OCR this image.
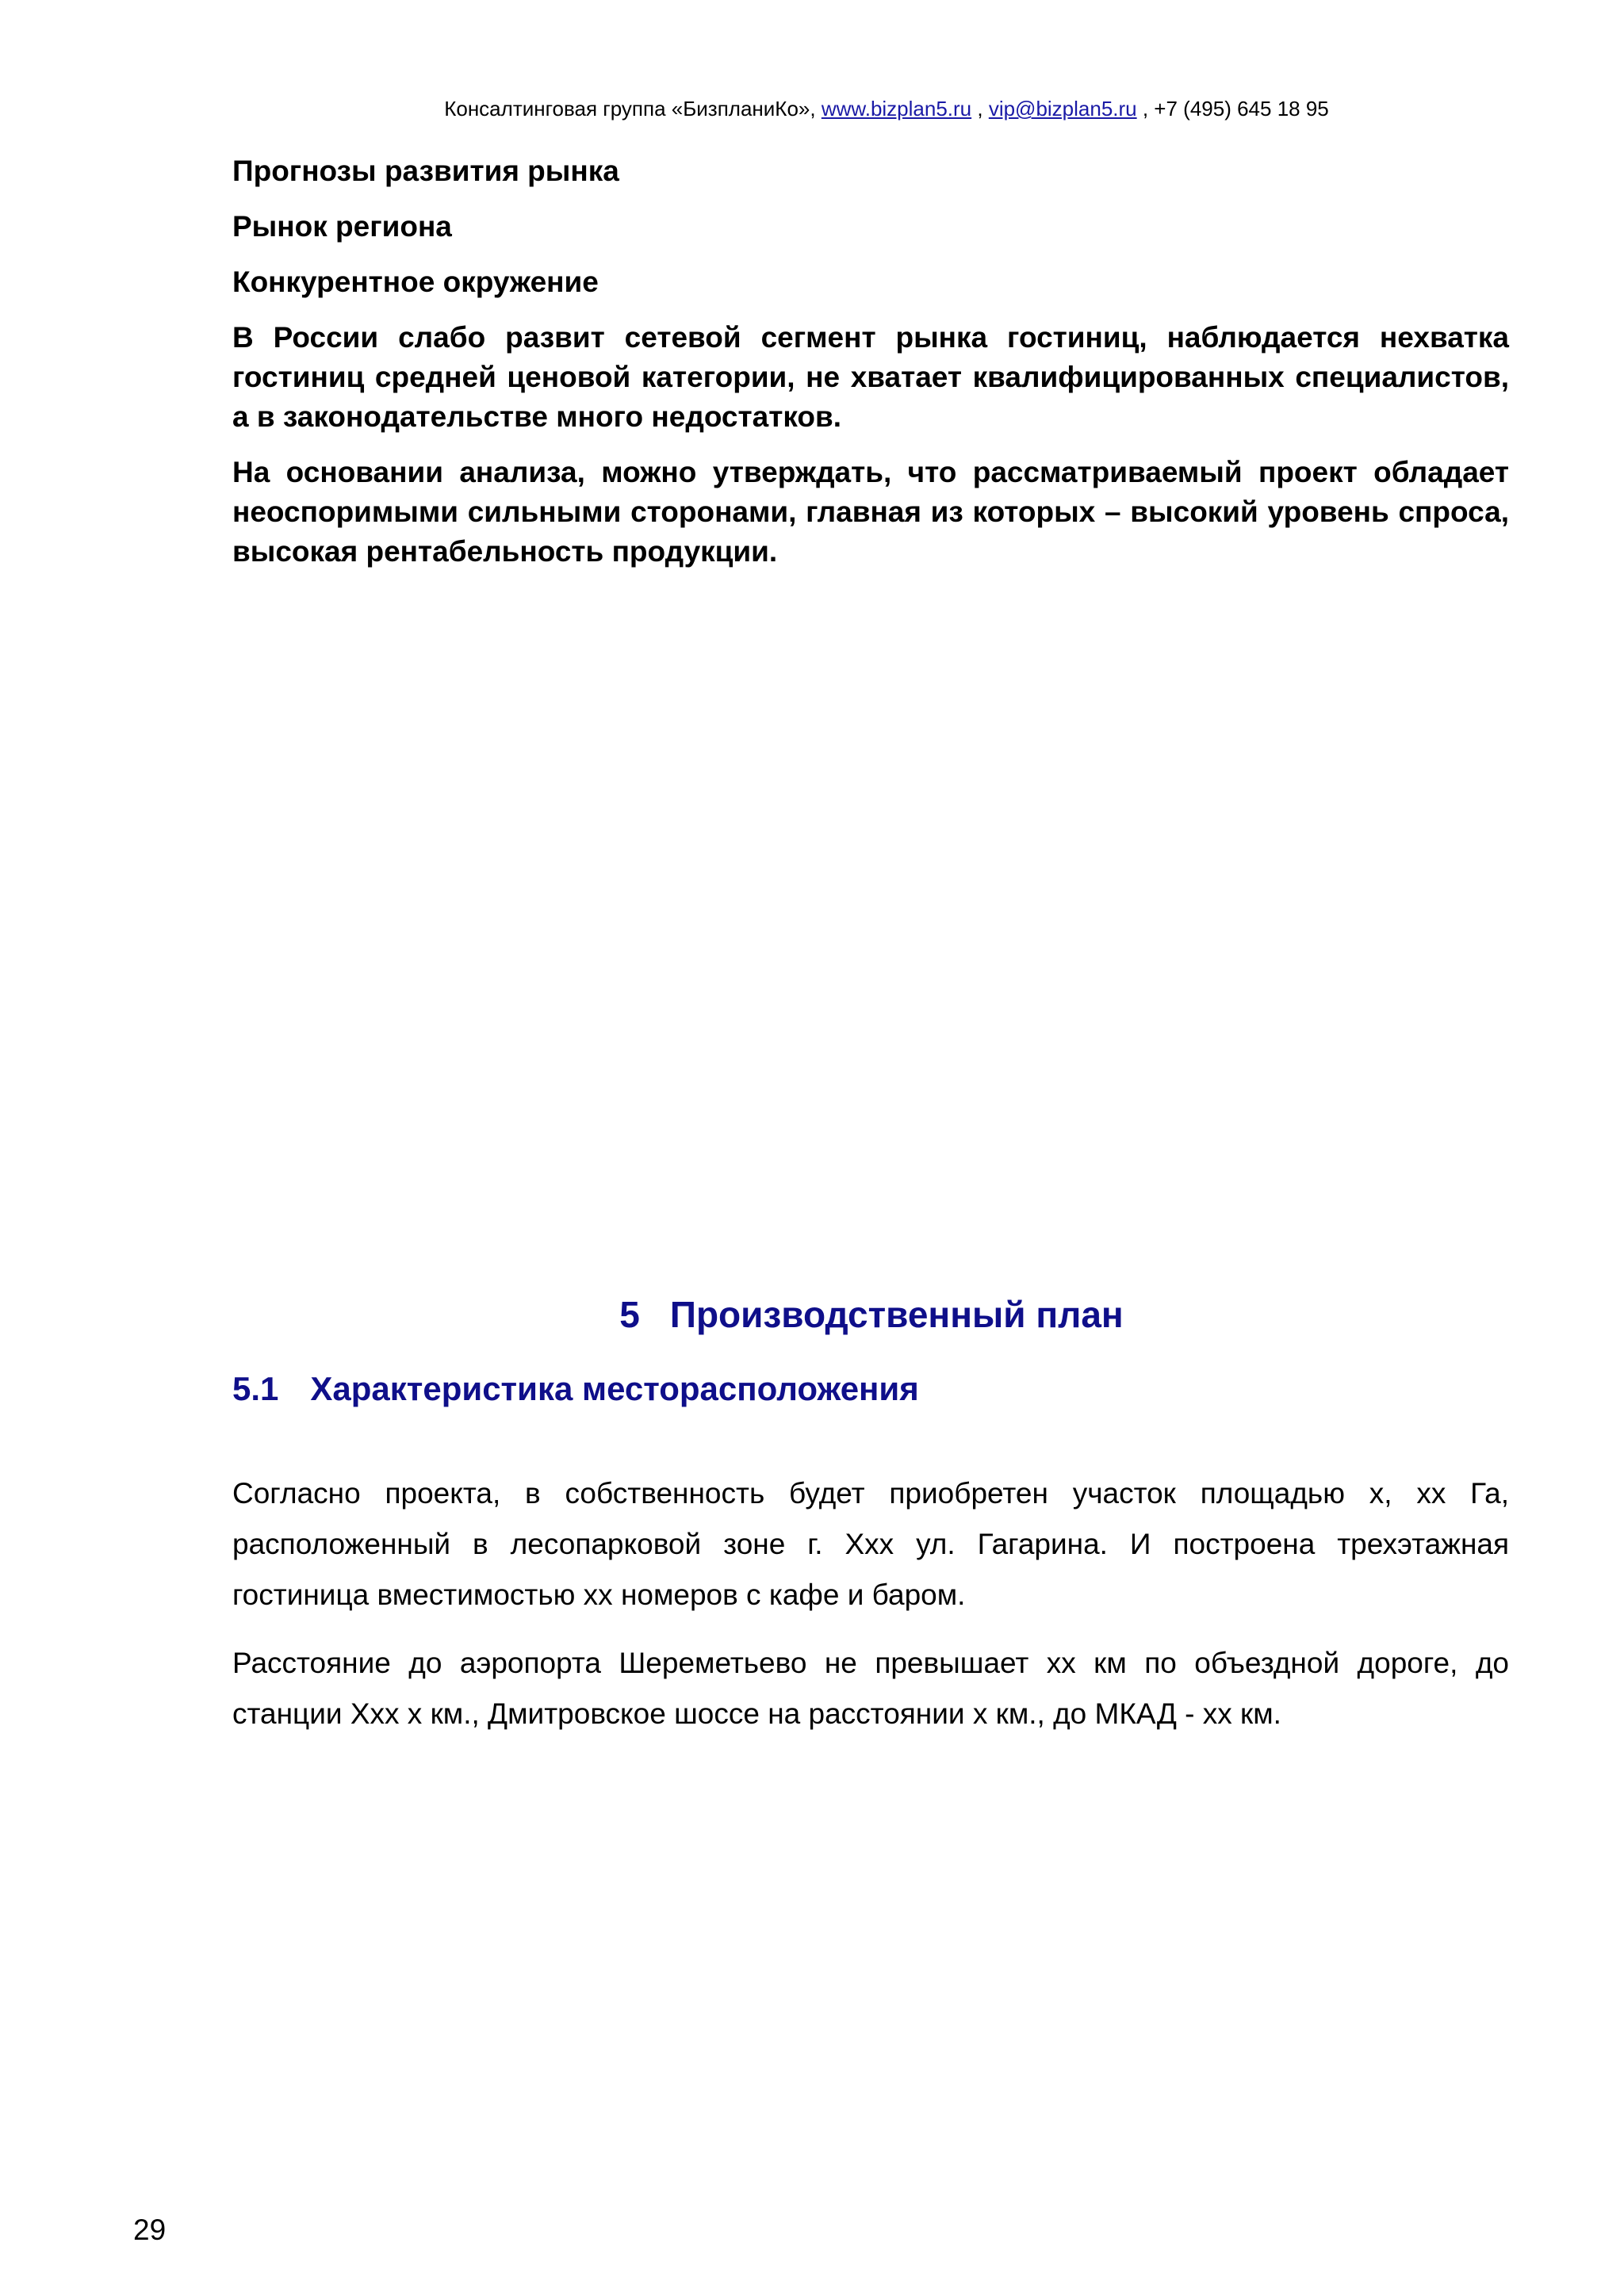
Консалтинговая группа «БизпланиКо», www.bizplan5.ru , vip@bizplan5.ru , +7 (495) 645 18 95
Прогнозы развития рынка
Рынок региона
Конкурентное окружение
В России слабо развит сетевой сегмент рынка гостиниц, наблюдается нехватка гостиниц средней ценовой категории, не хватает квалифицированных специалистов, а в законодательстве много недостатков.
На основании анализа, можно утверждать, что рассматриваемый проект обладает неоспоримыми сильными сторонами, главная из которых – высокий уровень спроса, высокая рентабельность продукции.
5 Производственный план
5.1 Характеристика месторасположения
Согласно проекта, в собственность будет приобретен участок площадью х, хх Га, расположенный в лесопарковой зоне г. Ххх ул. Гагарина. И построена трехэтажная гостиница вместимостью хх номеров с кафе и баром.
Расстояние до аэропорта Шереметьево не превышает хх км по объездной дороге, до станции Ххх х км., Дмитровское шоссе на расстоянии х км., до МКАД - хх км.
29
